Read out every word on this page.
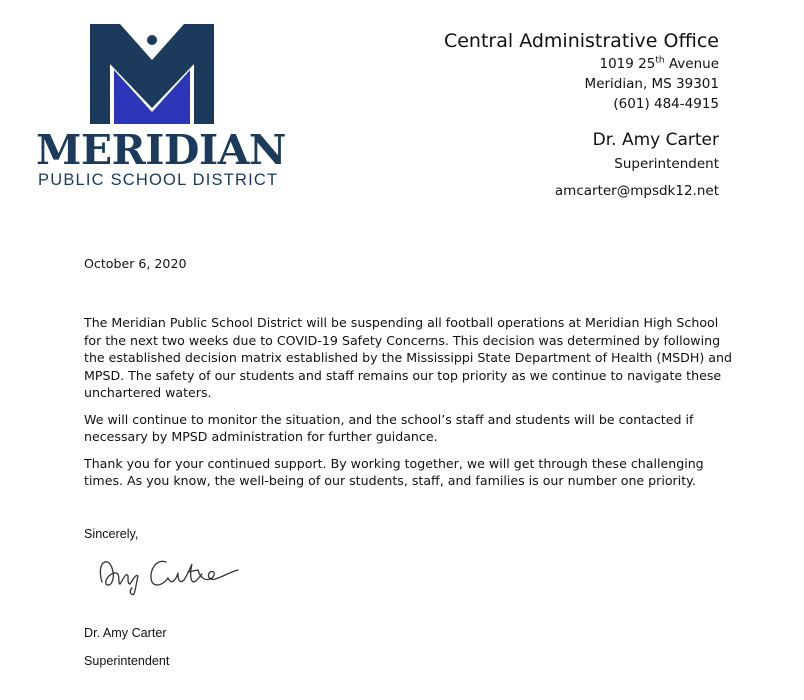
MERIDIAN
PUBLIC SCHOOL DISTRICT
Central Administrative Office
1019 25th Avenue
Meridian, MS 39301
(601) 484-4915
Dr. Amy Carter
Superintendent
amcarter@mpsdk12.net
October 6, 2020

The Meridian Public School District will be suspending all football operations at Meridian High School for the next two weeks due to COVID-19 Safety Concerns. This decision was determined by following the established decision matrix established by the Mississippi State Department of Health (MSDH) and MPSD. The safety of our students and staff remains our top priority as we continue to navigate these unchartered waters.

We will continue to monitor the situation, and the school’s staff and students will be contacted if necessary by MPSD administration for further guidance.

Thank you for your continued support. By working together, we will get through these challenging times. As you know, the well-being of our students, staff, and families is our number one priority.

Sincerely,
Dr. Amy Carter
Superintendent
